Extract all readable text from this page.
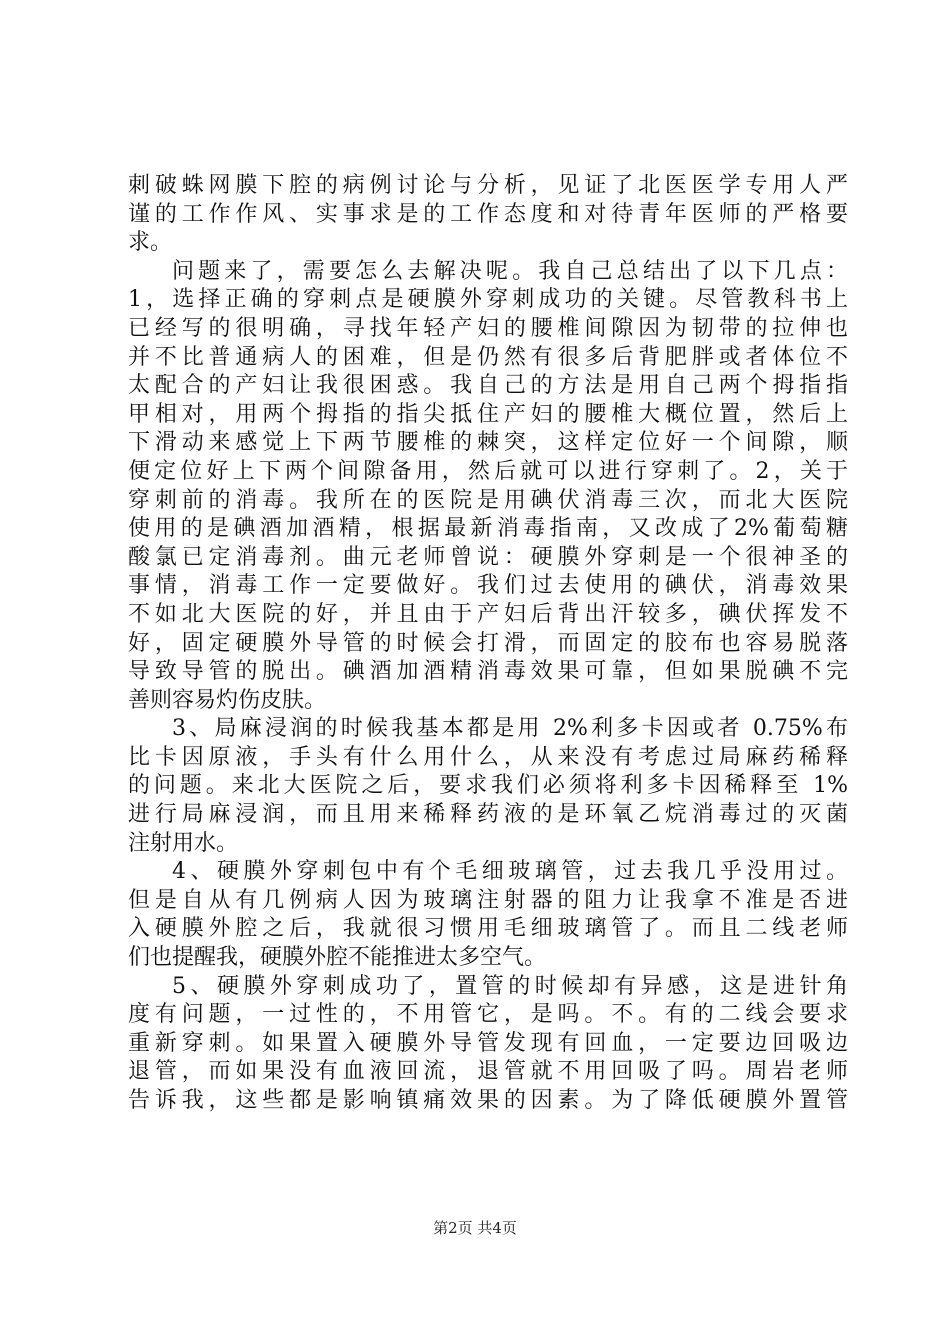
刺破蛛网膜下腔的病例讨论与分析，见证了北医医学专用人严
谨的工作作风、实事求是的工作态度和对待青年医师的严格要
求。
问题来了，需要怎么去解决呢。我自己总结出了以下几点：
1，选择正确的穿刺点是硬膜外穿刺成功的关键。尽管教科书上
已经写的很明确，寻找年轻产妇的腰椎间隙因为韧带的拉伸也
并不比普通病人的困难，但是仍然有很多后背肥胖或者体位不
太配合的产妇让我很困惑。我自己的方法是用自己两个拇指指
甲相对，用两个拇指的指尖抵住产妇的腰椎大概位置，然后上
下滑动来感觉上下两节腰椎的棘突，这样定位好一个间隙，顺
便定位好上下两个间隙备用，然后就可以进行穿刺了。2，关于
穿刺前的消毒。我所在的医院是用碘伏消毒三次，而北大医院
使用的是碘酒加酒精，根据最新消毒指南，又改成了2%葡萄糖
酸氯已定消毒剂。曲元老师曾说：硬膜外穿刺是一个很神圣的
事情，消毒工作一定要做好。我们过去使用的碘伏，消毒效果
不如北大医院的好，并且由于产妇后背出汗较多，碘伏挥发不
好，固定硬膜外导管的时候会打滑，而固定的胶布也容易脱落
导致导管的脱出。碘酒加酒精消毒效果可靠，但如果脱碘不完
善则容易灼伤皮肤。
3、局麻浸润的时候我基本都是用 2%利多卡因或者 0.75%布
比卡因原液，手头有什么用什么，从来没有考虑过局麻药稀释
的问题。来北大医院之后，要求我们必须将利多卡因稀释至 1%
进行局麻浸润，而且用来稀释药液的是环氧乙烷消毒过的灭菌
注射用水。
4、硬膜外穿刺包中有个毛细玻璃管，过去我几乎没用过。
但是自从有几例病人因为玻璃注射器的阻力让我拿不准是否进
入硬膜外腔之后，我就很习惯用毛细玻璃管了。而且二线老师
们也提醒我，硬膜外腔不能推进太多空气。
5、硬膜外穿刺成功了，置管的时候却有异感，这是进针角
度有问题，一过性的，不用管它，是吗。不。有的二线会要求
重新穿刺。如果置入硬膜外导管发现有回血，一定要边回吸边
退管，而如果没有血液回流，退管就不用回吸了吗。周岩老师
告诉我，这些都是影响镇痛效果的因素。为了降低硬膜外置管
第2页 共4页
